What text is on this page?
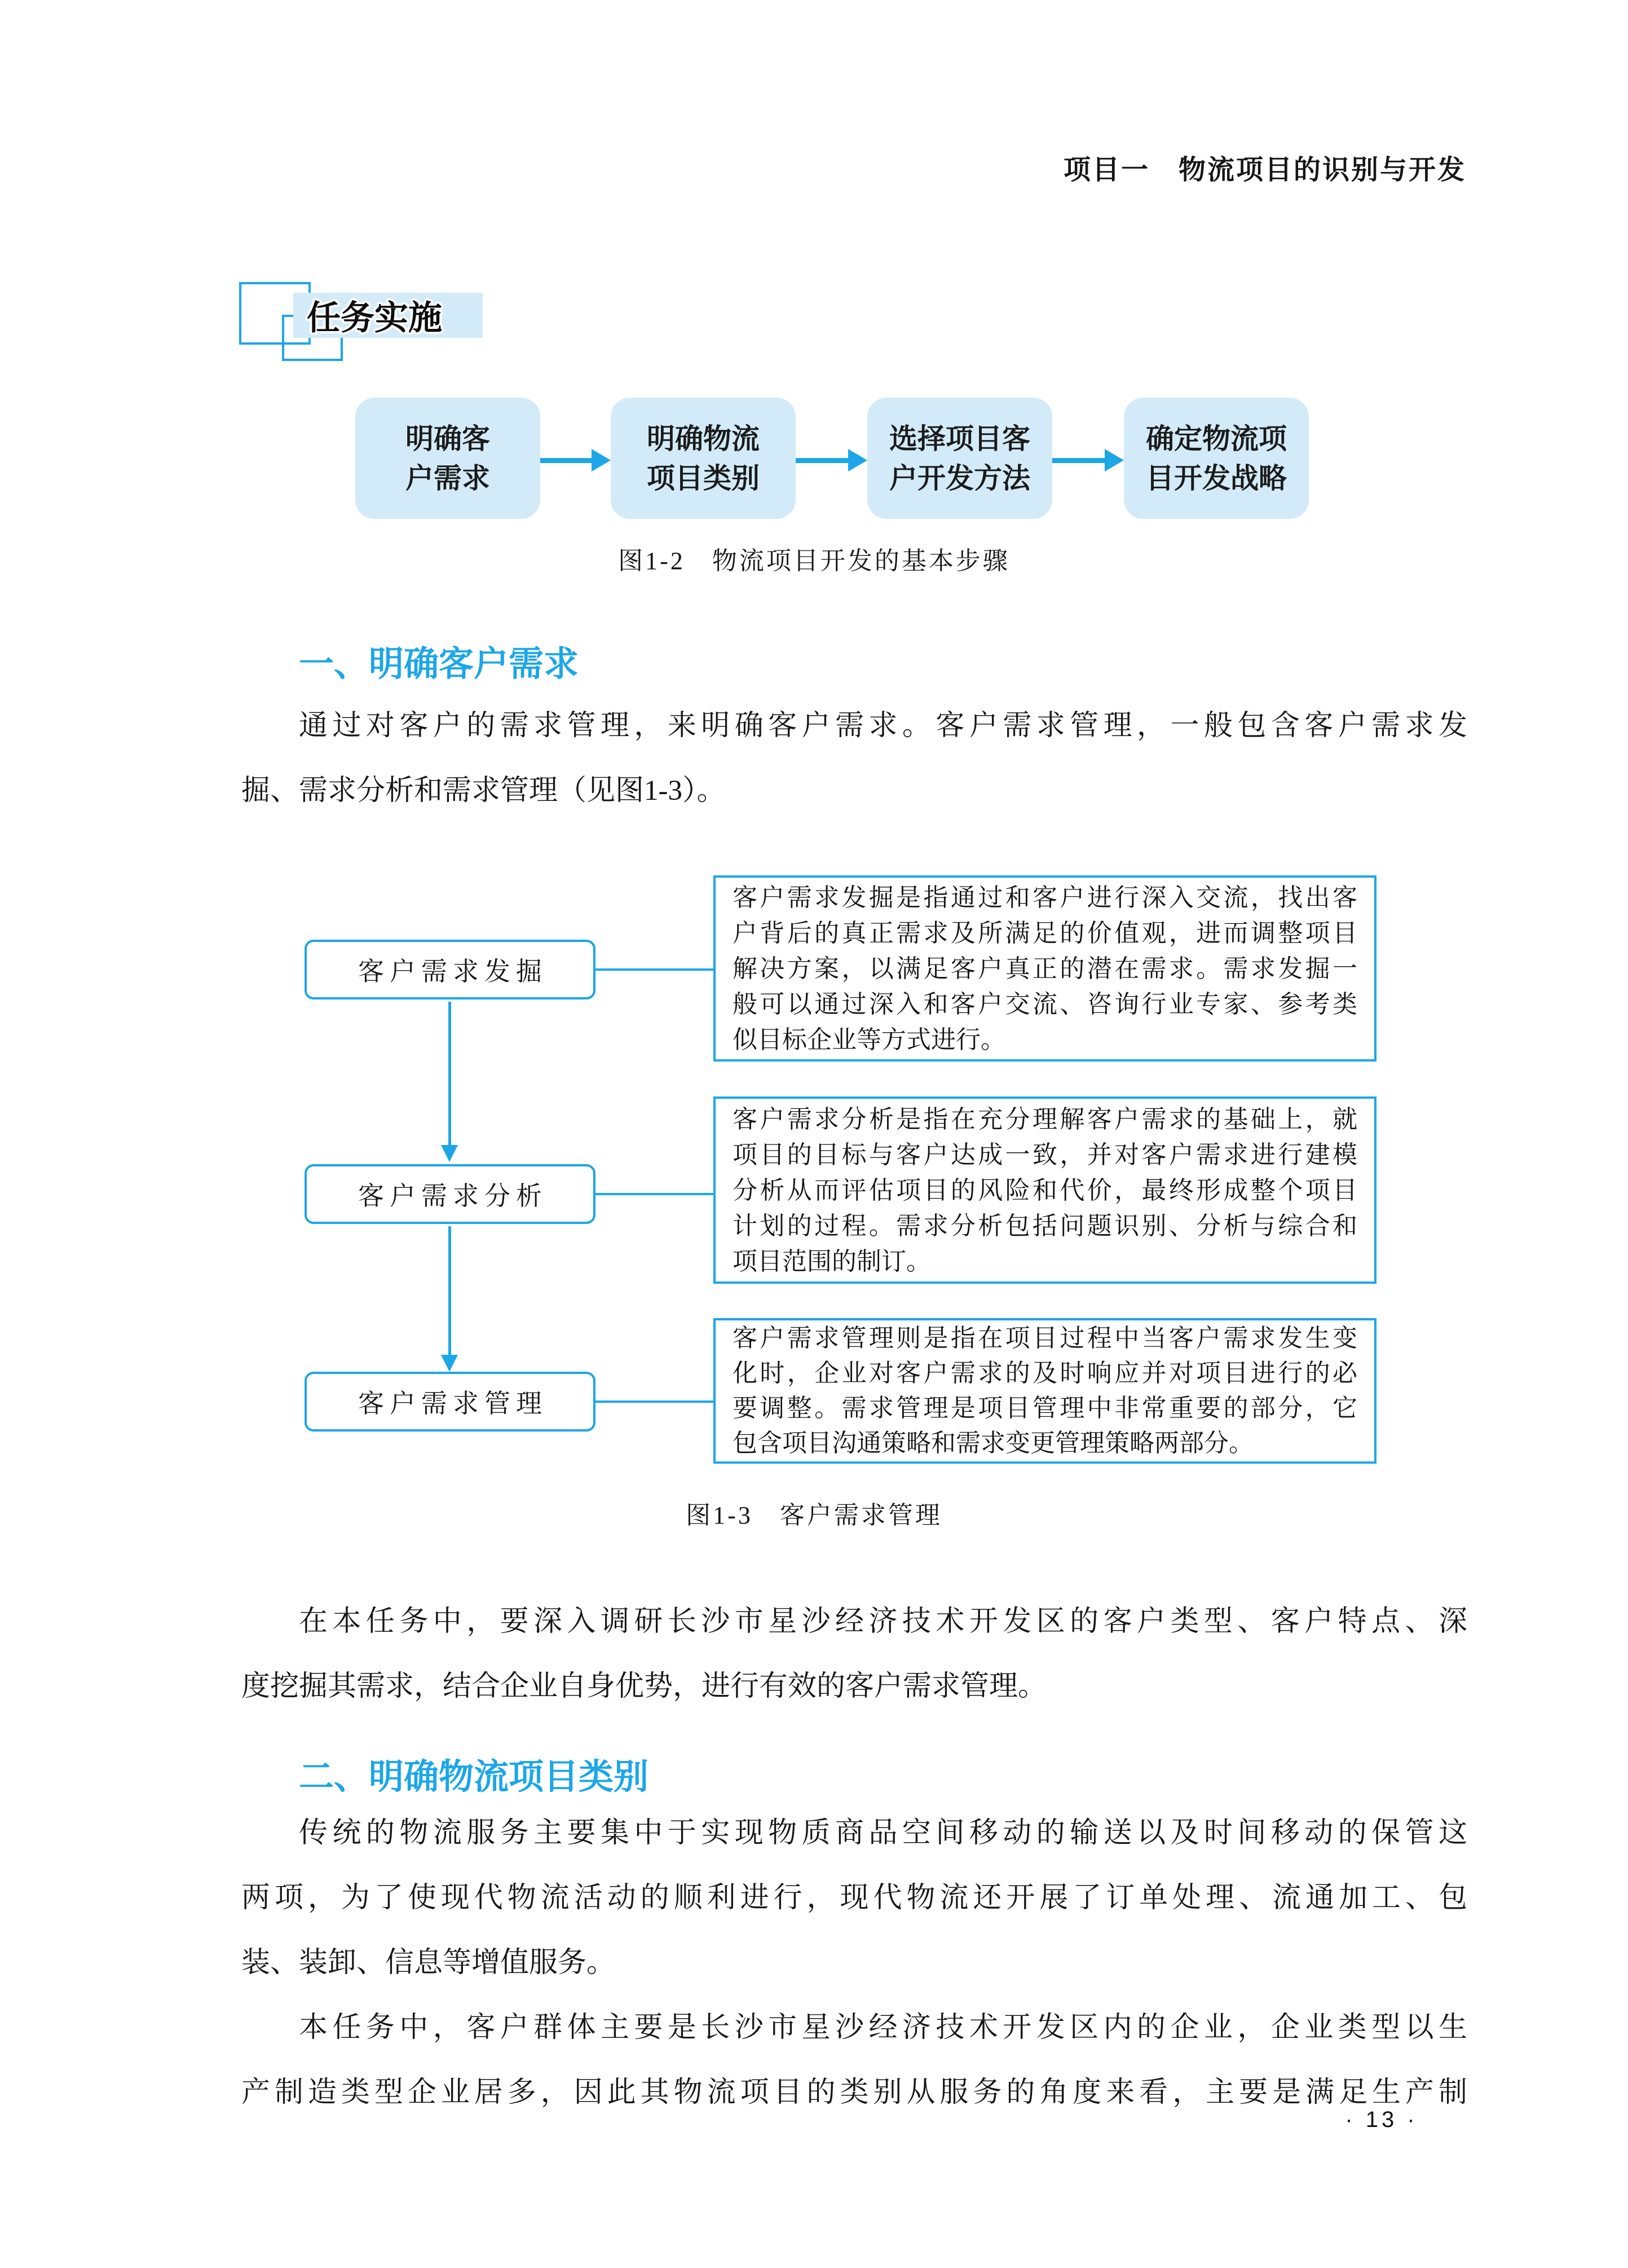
项目一　物流项目的识别与开发
任务实施
明确客
户需求
明确物流
项目类别
选择项目客
户开发方法
确定物流项
目开发战略
图1-2　物流项目开发的基本步骤
一、明确客户需求
通过对客户的需求管理，来明确客户需求。客户需求管理，一般包含客户需求发
掘、需求分析和需求管理（见图1-3）。
客户需求发掘
客户需求分析
客户需求管理
客户需求发掘是指通过和客户进行深入交流，找出客
户背后的真正需求及所满足的价值观，进而调整项目
解决方案，以满足客户真正的潜在需求。需求发掘一
般可以通过深入和客户交流、咨询行业专家、参考类
似目标企业等方式进行。
客户需求分析是指在充分理解客户需求的基础上，就
项目的目标与客户达成一致，并对客户需求进行建模
分析从而评估项目的风险和代价，最终形成整个项目
计划的过程。需求分析包括问题识别、分析与综合和
项目范围的制订。
客户需求管理则是指在项目过程中当客户需求发生变
化时，企业对客户需求的及时响应并对项目进行的必
要调整。需求管理是项目管理中非常重要的部分，它
包含项目沟通策略和需求变更管理策略两部分。
图1-3　客户需求管理
在本任务中，要深入调研长沙市星沙经济技术开发区的客户类型、客户特点、深
度挖掘其需求，结合企业自身优势，进行有效的客户需求管理。
二、明确物流项目类别
传统的物流服务主要集中于实现物质商品空间移动的输送以及时间移动的保管这
两项，为了使现代物流活动的顺利进行，现代物流还开展了订单处理、流通加工、包
装、装卸、信息等增值服务。
本任务中，客户群体主要是长沙市星沙经济技术开发区内的企业，企业类型以生
产制造类型企业居多，因此其物流项目的类别从服务的角度来看，主要是满足生产制
· 13 ·
